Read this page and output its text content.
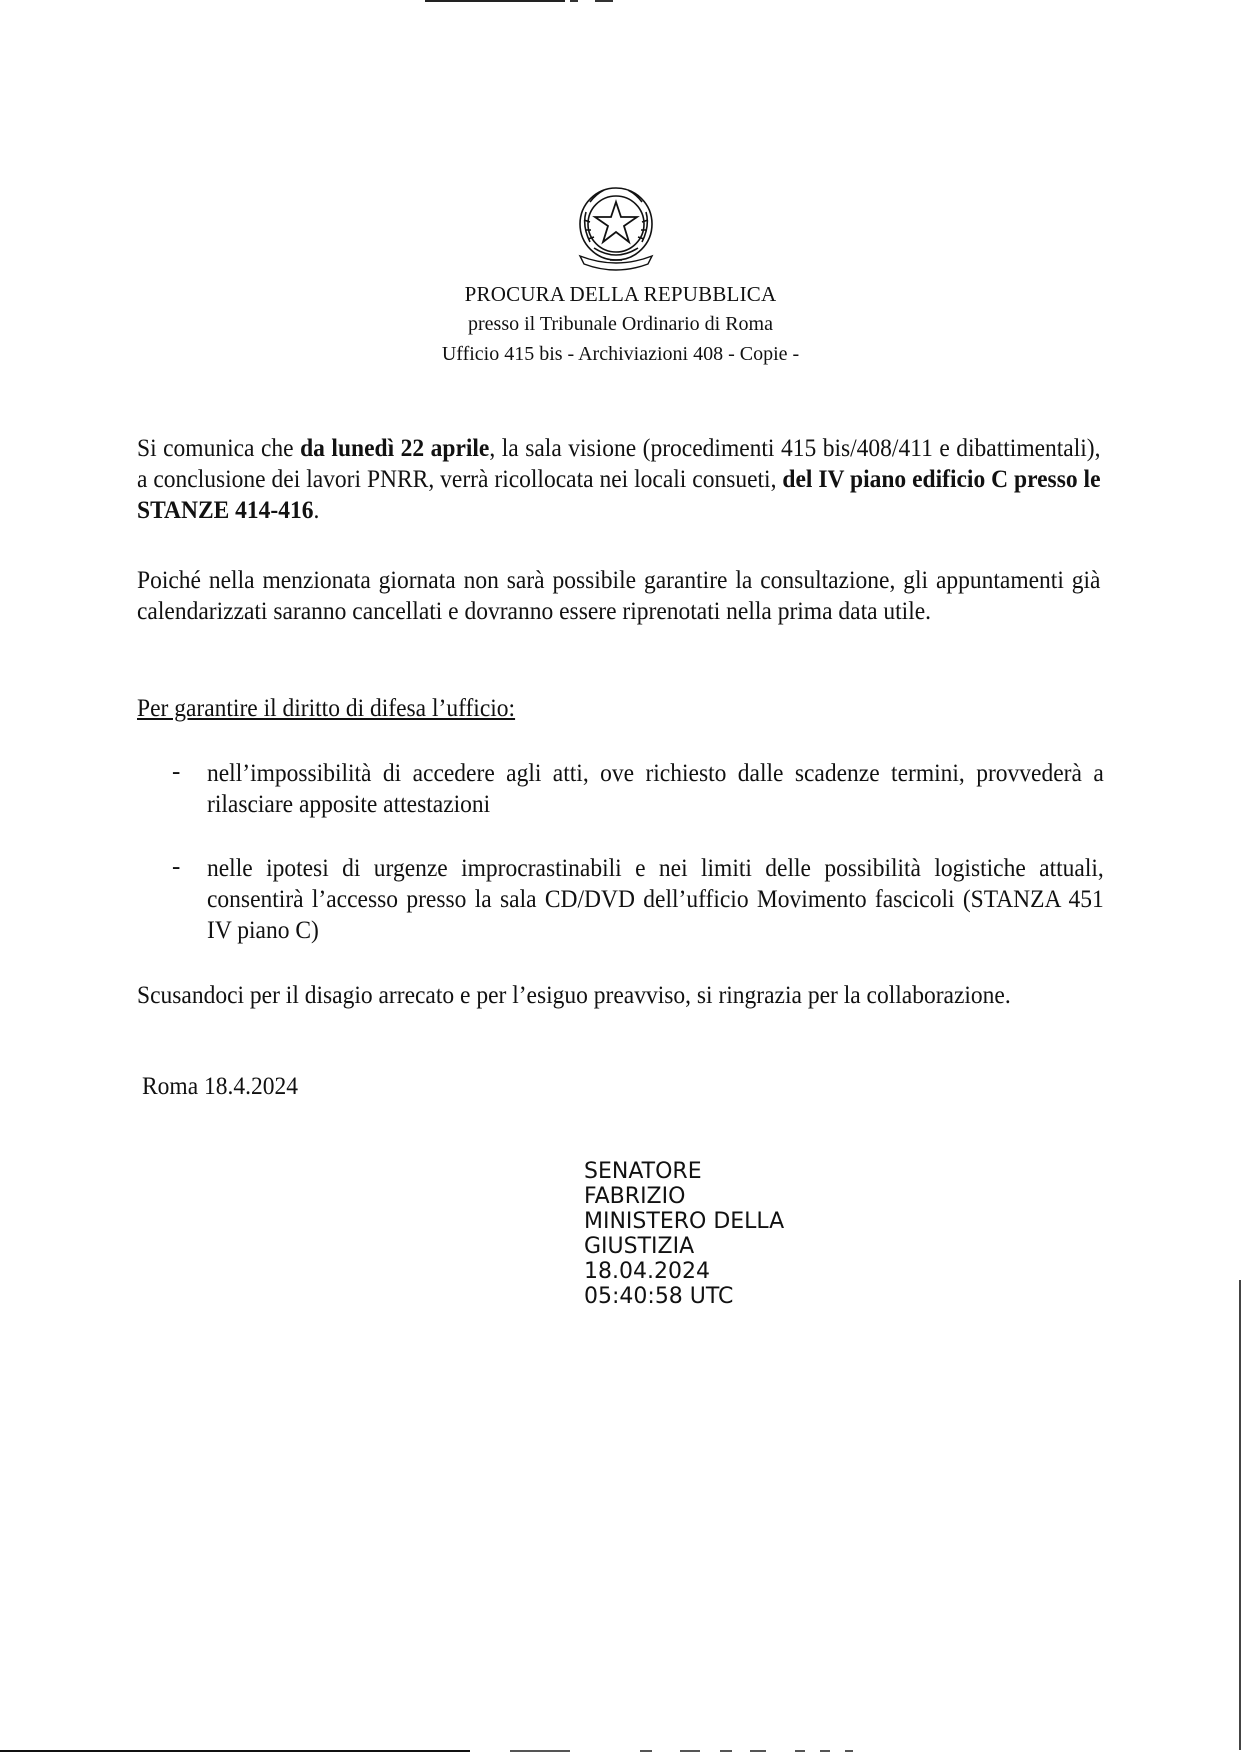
PROCURA DELLA REPUBBLICA
presso il Tribunale Ordinario di Roma
Ufficio 415 bis - Archiviazioni 408 - Copie -
Si comunica che da lunedì 22 aprile, la sala visione (procedimenti 415 bis/408/411 e dibattimentali), a conclusione dei lavori PNRR, verrà ricollocata nei locali consueti, del IV piano edificio C presso le STANZE 414-416.
Poiché nella menzionata giornata non sarà possibile garantire la consultazione, gli appuntamenti già calendarizzati saranno cancellati e dovranno essere riprenotati nella prima data utile.
Per garantire il diritto di difesa l’ufficio:
- nell’impossibilità di accedere agli atti, ove richiesto dalle scadenze termini, provvederà a rilasciare apposite attestazioni
- nelle ipotesi di urgenze improcrastinabili e nei limiti delle possibilità logistiche attuali, consentirà l’accesso presso la sala CD/DVD dell’ufficio Movimento fascicoli (STANZA 451 IV piano C)
Scusandoci per il disagio arrecato e per l’esiguo preavviso, si ringrazia per la collaborazione.
Roma 18.4.2024
SENATORE
FABRIZIO
MINISTERO DELLA
GIUSTIZIA
18.04.2024
05:40:58 UTC
